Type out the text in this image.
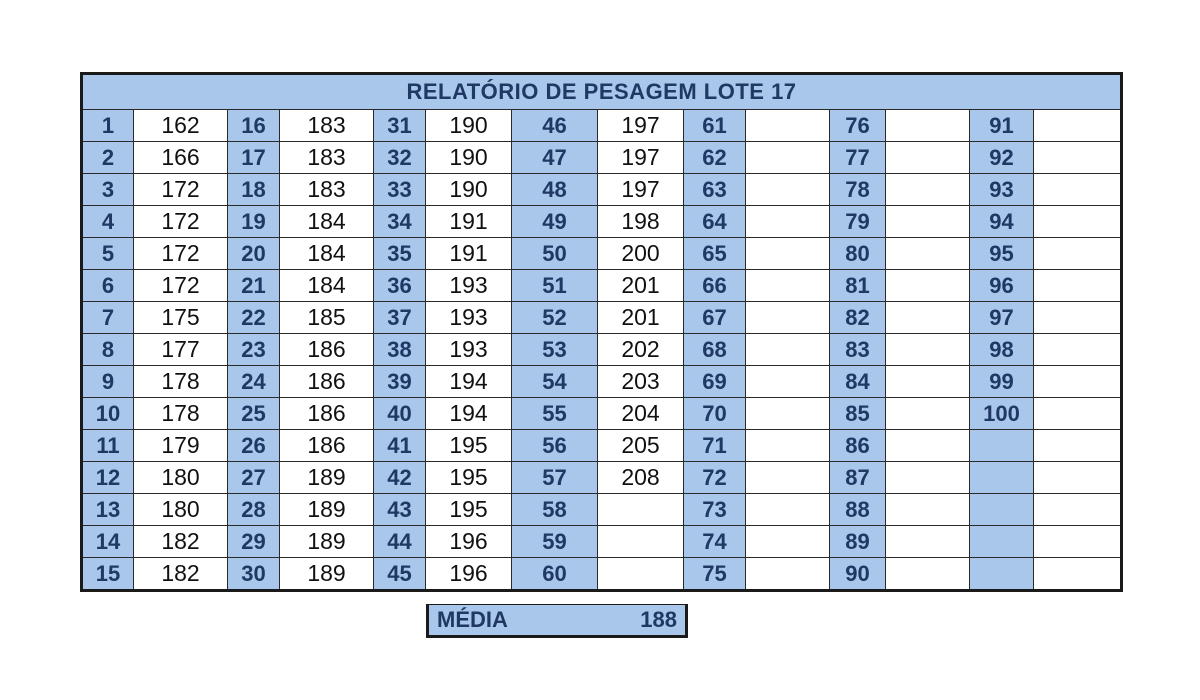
RELATÓRIO DE PESAGEM LOTE 17													
1	162	16	183	31	190	46	197	61		76		91	
2	166	17	183	32	190	47	197	62		77		92	
3	172	18	183	33	190	48	197	63		78		93	
4	172	19	184	34	191	49	198	64		79		94	
5	172	20	184	35	191	50	200	65		80		95	
6	172	21	184	36	193	51	201	66		81		96	
7	175	22	185	37	193	52	201	67		82		97	
8	177	23	186	38	193	53	202	68		83		98	
9	178	24	186	39	194	54	203	69		84		99	
10	178	25	186	40	194	55	204	70		85		100	
11	179	26	186	41	195	56	205	71		86			
12	180	27	189	42	195	57	208	72		87			
13	180	28	189	43	195	58		73		88			
14	182	29	189	44	196	59		74		89			
15	182	30	189	45	196	60		75		90			
MÉDIA	188
